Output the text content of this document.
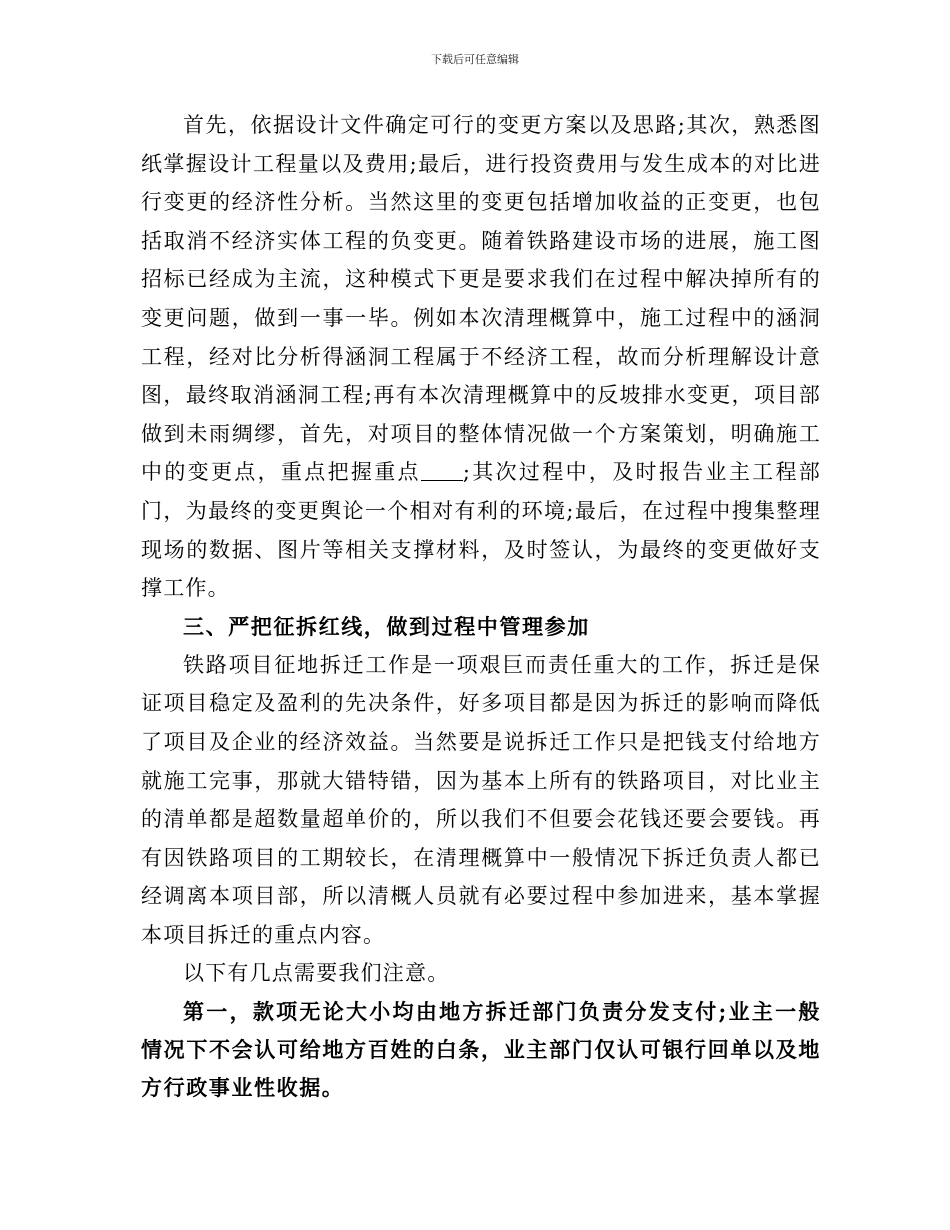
下载后可任意编辑

首先，依据设计文件确定可行的变更方案以及思路;其次，熟悉图纸掌握设计工程量以及费用;最后，进行投资费用与发生成本的对比进行变更的经济性分析。当然这里的变更包括增加收益的正变更，也包括取消不经济实体工程的负变更。随着铁路建设市场的进展，施工图招标已经成为主流，这种模式下更是要求我们在过程中解决掉所有的变更问题，做到一事一毕。例如本次清理概算中，施工过程中的涵洞工程，经对比分析得涵洞工程属于不经济工程，故而分析理解设计意图，最终取消涵洞工程;再有本次清理概算中的反坡排水变更，项目部做到未雨绸缪，首先，对项目的整体情况做一个方案策划，明确施工中的变更点，重点把握重点 ;其次过程中，及时报告业主工程部门，为最终的变更舆论一个相对有利的环境;最后，在过程中搜集整理现场的数据、图片等相关支撑材料，及时签认，为最终的变更做好支撑工作。

三、严把征拆红线，做到过程中管理参加

铁路项目征地拆迁工作是一项艰巨而责任重大的工作，拆迁是保证项目稳定及盈利的先决条件，好多项目都是因为拆迁的影响而降低了项目及企业的经济效益。当然要是说拆迁工作只是把钱支付给地方就施工完事，那就大错特错，因为基本上所有的铁路项目，对比业主的清单都是超数量超单价的，所以我们不但要会花钱还要会要钱。再有因铁路项目的工期较长，在清理概算中一般情况下拆迁负责人都已经调离本项目部，所以清概人员就有必要过程中参加进来，基本掌握本项目拆迁的重点内容。

以下有几点需要我们注意。

第一，款项无论大小均由地方拆迁部门负责分发支付;业主一般情况下不会认可给地方百姓的白条，业主部门仅认可银行回单以及地方行政事业性收据。
